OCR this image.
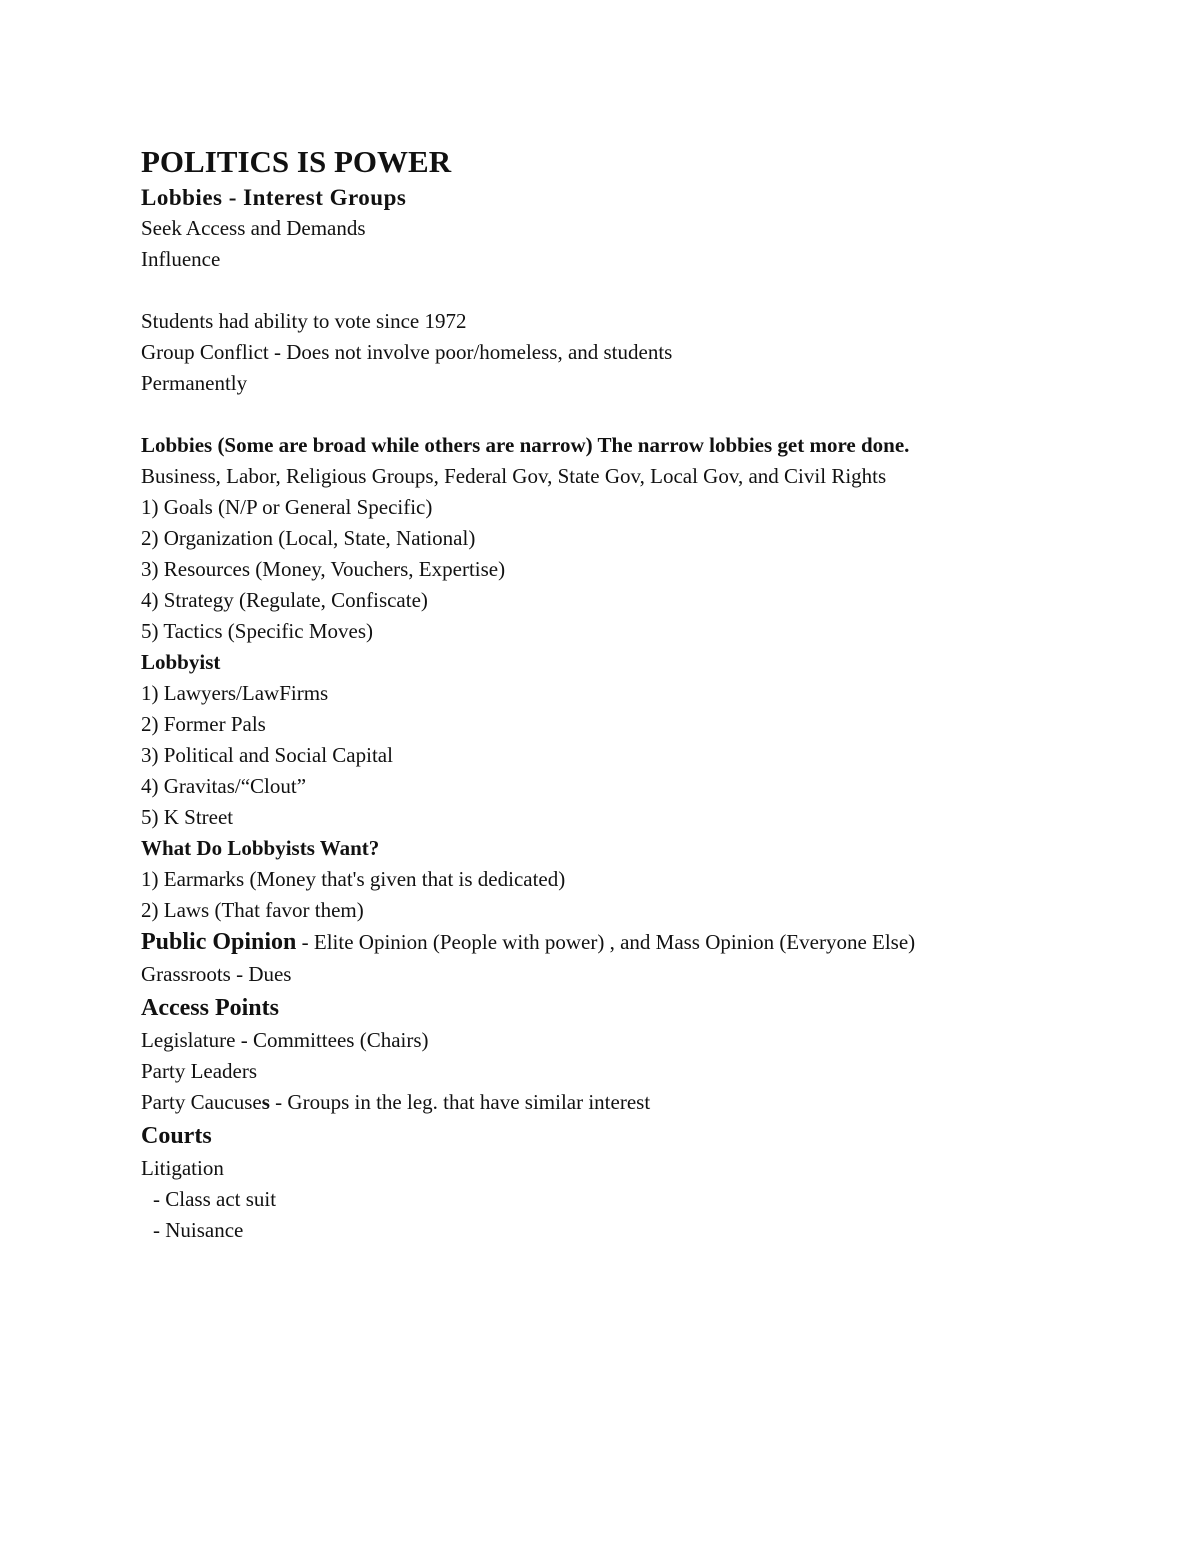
POLITICS IS POWER
Lobbies - Interest Groups
Seek Access and Demands
Influence
Students had ability to vote since 1972
Group Conflict - Does not involve poor/homeless, and students
Permanently
Lobbies (Some are broad while others are narrow) The narrow lobbies get more done.
Business, Labor, Religious Groups, Federal Gov, State Gov, Local Gov, and Civil Rights
1) Goals (N/P or General Specific)
2) Organization (Local, State, National)
3) Resources (Money, Vouchers, Expertise)
4) Strategy (Regulate, Confiscate)
5) Tactics (Specific Moves)
Lobbyist
1) Lawyers/LawFirms
2) Former Pals
3) Political and Social Capital
4) Gravitas/“Clout”
5) K Street
What Do Lobbyists Want?
1) Earmarks (Money that's given that is dedicated)
2) Laws (That favor them)
Public Opinion - Elite Opinion (People with power) , and Mass Opinion (Everyone Else)
Grassroots - Dues
Access Points
Legislature - Committees (Chairs)
Party Leaders
Party Caucuses - Groups in the leg. that have similar interest
Courts
Litigation
- Class act suit
- Nuisance
